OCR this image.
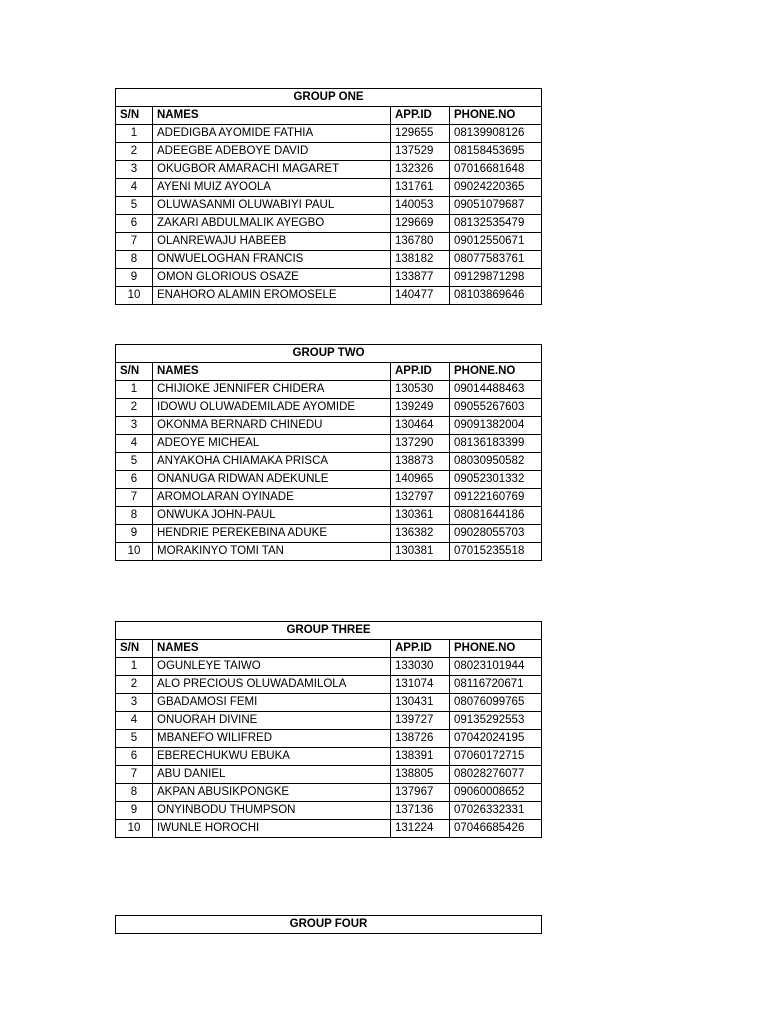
GROUP ONE			
S/N	NAMES	APP.ID	PHONE.NO
1	ADEDIGBA AYOMIDE FATHIA	129655	08139908126
2	ADEEGBE ADEBOYE DAVID	137529	08158453695
3	OKUGBOR AMARACHI MAGARET	132326	07016681648
4	AYENI MUIZ AYOOLA	131761	09024220365
5	OLUWASANMI OLUWABIYI PAUL	140053	09051079687
6	ZAKARI ABDULMALIK AYEGBO	129669	08132535479
7	OLANREWAJU HABEEB	136780	09012550671
8	ONWUELOGHAN FRANCIS	138182	08077583761
9	OMON GLORIOUS OSAZE	133877	09129871298
10	ENAHORO ALAMIN EROMOSELE	140477	08103869646
GROUP TWO			
S/N	NAMES	APP.ID	PHONE.NO
1	CHIJIOKE JENNIFER CHIDERA	130530	09014488463
2	IDOWU OLUWADEMILADE AYOMIDE	139249	09055267603
3	OKONMA BERNARD CHINEDU	130464	09091382004
4	ADEOYE MICHEAL	137290	08136183399
5	ANYAKOHA CHIAMAKA PRISCA	138873	08030950582
6	ONANUGA RIDWAN ADEKUNLE	140965	09052301332
7	AROMOLARAN OYINADE	132797	09122160769
8	ONWUKA JOHN-PAUL	130361	08081644186
9	HENDRIE PEREKEBINA ADUKE	136382	09028055703
10	MORAKINYO TOMI TAN	130381	07015235518
GROUP THREE			
S/N	NAMES	APP.ID	PHONE.NO
1	OGUNLEYE TAIWO	133030	08023101944
2	ALO PRECIOUS OLUWADAMILOLA	131074	08116720671
3	GBADAMOSI FEMI	130431	08076099765
4	ONUORAH DIVINE	139727	09135292553
5	MBANEFO WILIFRED	138726	07042024195
6	EBERECHUKWU EBUKA	138391	07060172715
7	ABU DANIEL	138805	08028276077
8	AKPAN ABUSIKPONGKE	137967	09060008652
9	ONYINBODU THUMPSON	137136	07026332331
10	IWUNLE HOROCHI	131224	07046685426
GROUP FOUR
